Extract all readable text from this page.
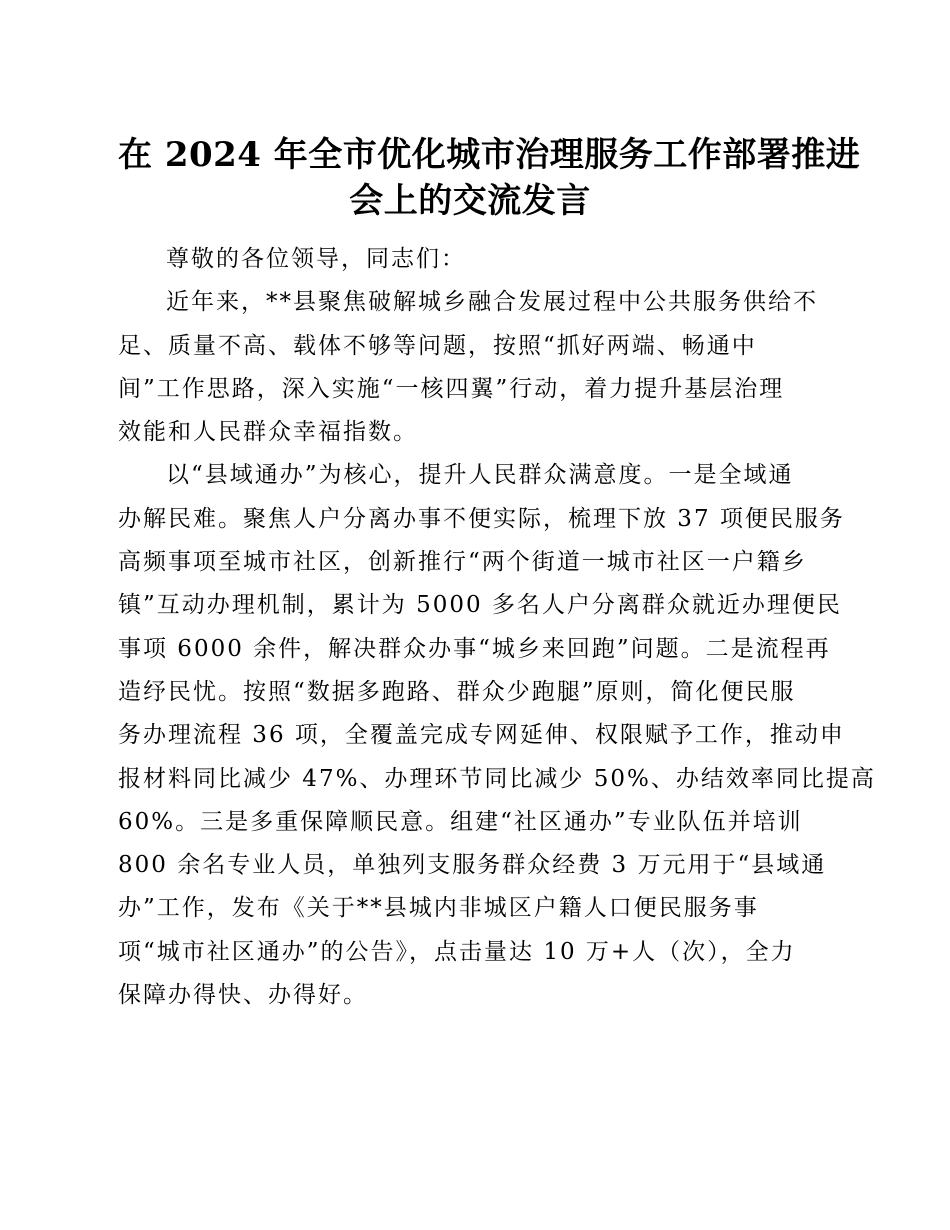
在 2024 年全市优化城市治理服务工作部署推进
会上的交流发言

尊敬的各位领导，同志们：

近年来，**县聚焦破解城乡融合发展过程中公共服务供给不
足、质量不高、载体不够等问题，按照“抓好两端、畅通中
间”工作思路，深入实施“一核四翼”行动，着力提升基层治理
效能和人民群众幸福指数。

以“县域通办”为核心，提升人民群众满意度。一是全域通
办解民难。聚焦人户分离办事不便实际，梳理下放 37 项便民服务
高频事项至城市社区，创新推行“两个街道一城市社区一户籍乡
镇”互动办理机制，累计为 5000 多名人户分离群众就近办理便民
事项 6000 余件，解决群众办事“城乡来回跑”问题。二是流程再
造纾民忧。按照“数据多跑路、群众少跑腿”原则，简化便民服
务办理流程 36 项，全覆盖完成专网延伸、权限赋予工作，推动申
报材料同比减少 47%、办理环节同比减少 50%、办结效率同比提高
60%。三是多重保障顺民意。组建“社区通办”专业队伍并培训
800 余名专业人员，单独列支服务群众经费 3 万元用于“县域通
办”工作，发布《关于**县城内非城区户籍人口便民服务事
项“城市社区通办”的公告》，点击量达 10 万+人（次），全力
保障办得快、办得好。
